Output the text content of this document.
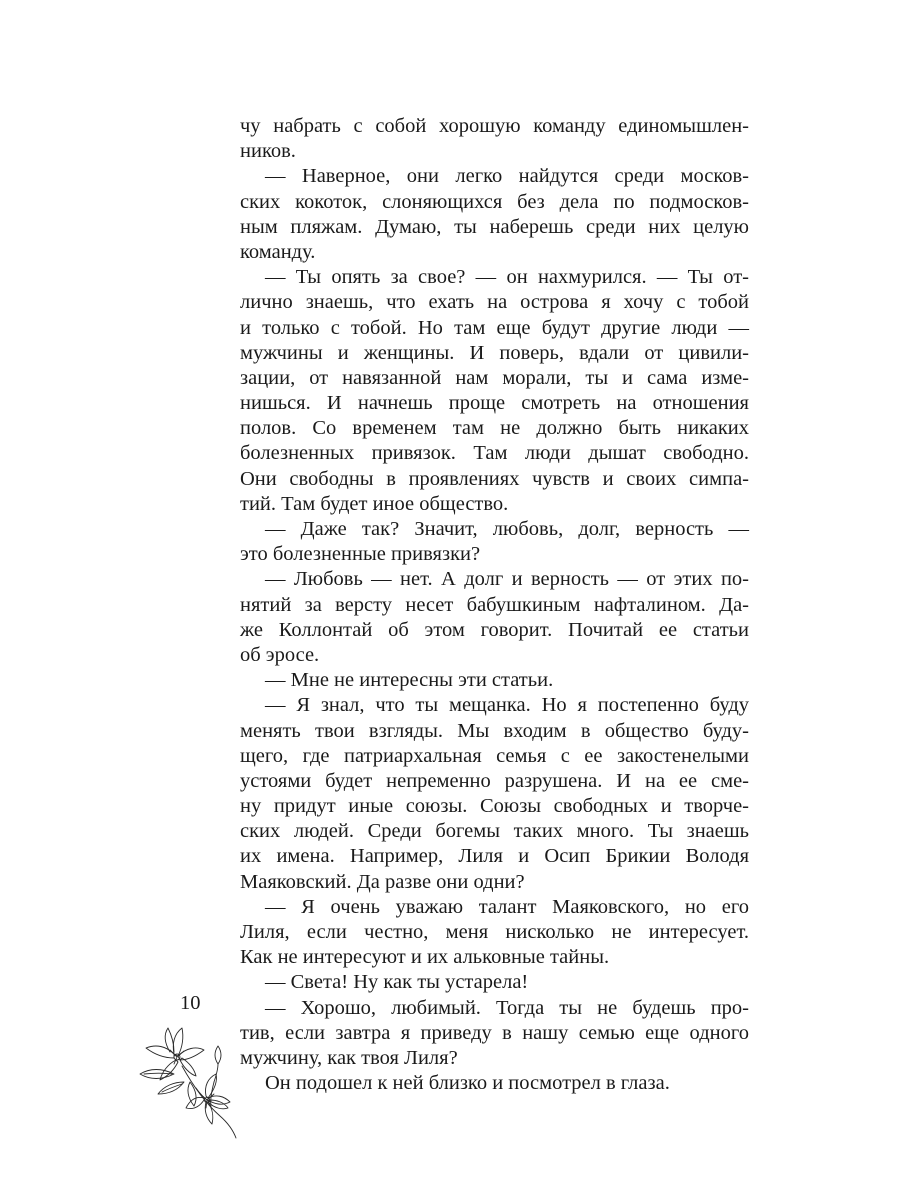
чу набрать с собой хорошую команду единомышлен-
ников.
— Наверное, они легко найдутся среди москов-
ских кокоток, слоняющихся без дела по подмосков-
ным пляжам. Думаю, ты наберешь среди них целую
команду.
— Ты опять за свое? — он нахмурился. — Ты от-
лично знаешь, что ехать на острова я хочу с тобой
и только с тобой. Но там еще будут другие люди —
мужчины и женщины. И поверь, вдали от цивили-
зации, от навязанной нам морали, ты и сама изме-
нишься. И начнешь проще смотреть на отношения
полов. Со временем там не должно быть никаких
болезненных привязок. Там люди дышат свободно.
Они свободны в проявлениях чувств и своих симпа-
тий. Там будет иное общество.
— Даже так? Значит, любовь, долг, верность —
это болезненные привязки?
— Любовь — нет. А долг и верность — от этих по-
нятий за версту несет бабушкиным нафталином. Да-
же Коллонтай об этом говорит. Почитай ее статьи
об эросе.
— Мне не интересны эти статьи.
— Я знал, что ты мещанка. Но я постепенно буду
менять твои взгляды. Мы входим в общество буду-
щего, где патриархальная семья с ее закостенелыми
устоями будет непременно разрушена. И на ее сме-
ну придут иные союзы. Союзы свободных и творче-
ских людей. Среди богемы таких много. Ты знаешь
их имена. Например, Лиля и Осип Брикии Володя
Маяковский. Да разве они одни?
— Я очень уважаю талант Маяковского, но его
Лиля, если честно, меня нисколько не интересует.
Как не интересуют и их альковные тайны.
— Света! Ну как ты устарела!
— Хорошо, любимый. Тогда ты не будешь про-
тив, если завтра я приведу в нашу семью еще одного
мужчину, как твоя Лиля?
Он подошел к ней близко и посмотрел в глаза.
10
